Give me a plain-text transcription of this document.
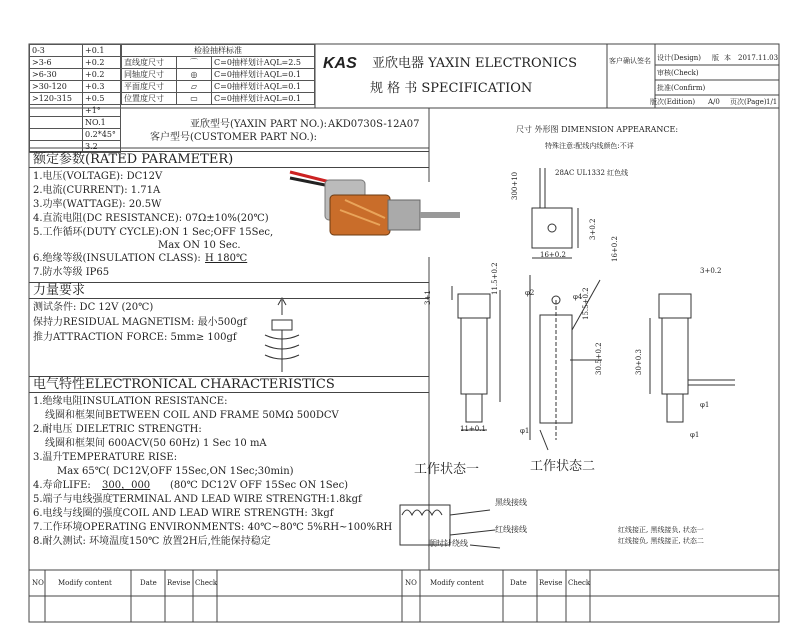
0-3	+0.1
>3-6	+0.2
>6-30	+0.2
>30-120	+0.3
>120-315	+0.5
	+1°
	NO.1
	0.2*45°
	3.2
检验抽样标准		
直线度尺寸	⌒	C=0抽样划计AQL=2.5
同轴度尺寸	◎	C=0抽样划计AQL=0.1
平面度尺寸	▱	C=0抽样划计AQL=0.1
位置度尺寸	▭	C=0抽样划计AQL=0.1
KAS 亚欣电器 YAXIN ELECTRONICS
规 格 书 SPECIFICATION
客户确认签名 设计(Design) 版 本 2017.11.03
审核(Check)
批准(Confirm)
版次(Edition) A/0 页次(Page) 1/1
亚欣型号(YAXIN PART NO.): AKD0730S-12A07
客户型号(CUSTOMER PART NO.):
额定参数(RATED PARAMETER)
1.电压(VOLTAGE): DC12V
2.电流(CURRENT): 1.71A
3.功率(WATTAGE): 20.5W
4.直流电阻(DC RESISTANCE): 07Ω±10%(20℃)
5.工作循环(DUTY CYCLE):ON 1 Sec;OFF 15Sec,
Max ON 10 Sec.
6.绝缘等级(INSULATION CLASS): H 180℃
7.防水等级 IP65
力量要求
测试条件: DC 12V (20℃)
保持力RESIDUAL MAGNETISM: 最小500gf
推力ATTRACTION FORCE: 5mm≥ 100gf
电气特性ELECTRONICAL CHARACTERISTICS
1.绝缘电阻INSULATION RESISTANCE:
线圈和框架间BETWEEN COIL AND FRAME 50MΩ 500DCV
2.耐电压 DIELETRIC STRENGTH:
线圈和框架间 600ACV(50 60Hz) 1 Sec 10 mA
3.温升TEMPERATURE RISE:
Max 65℃( DC12V,OFF 15Sec,ON 1Sec;30min)
4.寿命LIFE: 300，000 (80℃ DC12V OFF 15Sec ON 1Sec)
5.端子与电线强度TERMINAL AND LEAD WIRE STRENGTH:1.8kgf
6.电线与线圈的强度COIL AND LEAD WIRE STRENGTH: 3kgf
7.工作环境OPERATING ENVIRONMENTS: 40℃~80℃ 5%RH~100%RH
8.耐久测试: 环境温度150℃ 放置2H后,性能保持稳定
尺寸 外形图 DIMENSION APPEARANCE:
特殊注意:配线内线颜色:不详
28AC UL1332 红色线
300+10
16+0.2
3+0.2
16+0.2
11.5+0.2
3+1
11+0.1
15.5+0.2
30.5+0.2	30+0.3
φ2	φ4
φ1
3+0.2
φ1
φ1
工作状态一	工作状态二
黑线接线
红线接线
顺时针绕线
红线接正, 黑线接负, 状态一
红线接负, 黑线接正, 状态二
NO Modify content	Date Revise Check	NO Modify content	Date Revise Check
